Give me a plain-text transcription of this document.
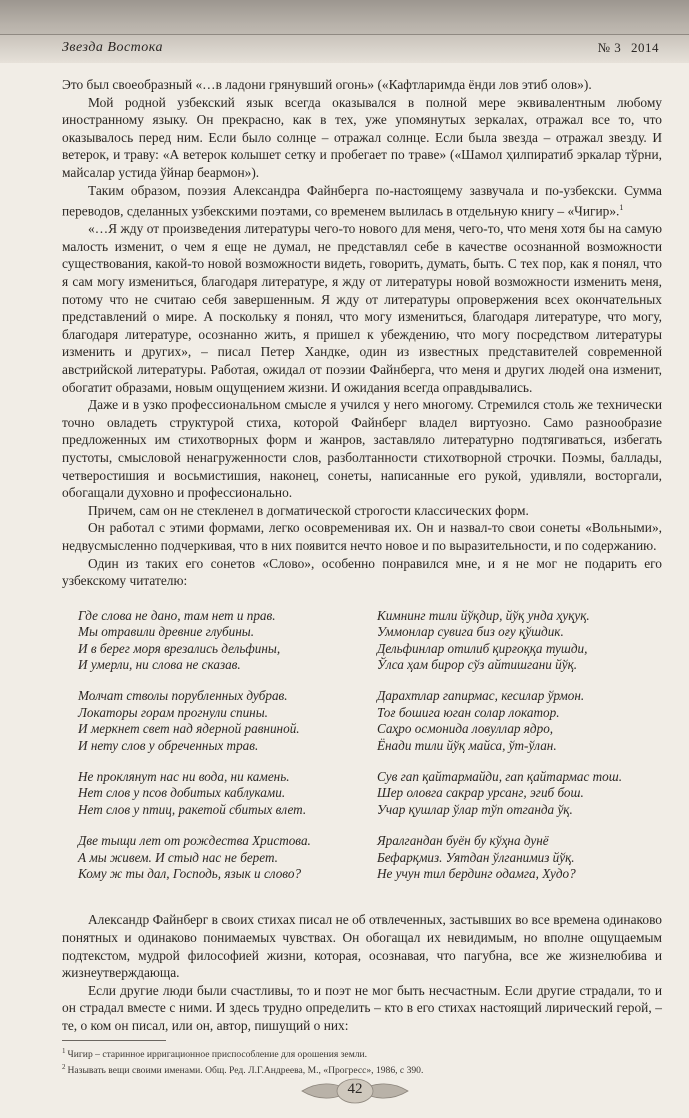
Звезда Востока	№ 3 2014

Это был своеобразный «…в ладони грянувший огонь» («Кафтларимда ёнди лов этиб олов»).

Мой родной узбекский язык всегда оказывался в полной мере эквивалентным любому иностранному языку. Он прекрасно, как в тех, уже упомянутых зеркалах, отражал все то, что оказывалось перед ним. Если было солнце – отражал солнце. Если была звезда – отражал звезду. И ветерок, и траву: «А ветерок колышет сетку и пробегает по траве» («Шамол ҳилпиратиб эркалар тўрни, майсалар устида ўйнар беармон»).

Таким образом, поэзия Александра Файнберга по-настоящему зазвучала и по-узбекски. Сумма переводов, сделанных узбекскими поэтами, со временем вылилась в отдельную книгу – «Чигир».$^1$

«…Я жду от произведения литературы чего-то нового для меня, чего-то, что меня хотя бы на самую малость изменит, о чем я еще не думал, не представлял себе в качестве осознанной возможности существования, какой-то новой возможности видеть, говорить, думать, быть. С тех пор, как я понял, что я сам могу измениться, благодаря литературе, я жду от литературы новой возможности изменить меня, потому что не считаю себя завершенным. Я жду от литературы опровержения всех окончательных представлений о мире. А поскольку я понял, что могу измениться, благодаря литературе, что могу, благодаря литературе, осознанно жить, я пришел к убеждению, что могу посредством литературы изменить и других», – писал Петер Хандке, один из известных представителей современной австрийской литературы. Работая, ожидал от поэзии Файнберга, что меня и других людей она изменит, обогатит образами, новым ощущением жизни. И ожидания всегда оправдывались.

Даже и в узко профессиональном смысле я учился у него многому. Стремился столь же технически точно овладеть структурой стиха, которой Файнберг владел виртуозно. Само разнообразие предложенных им стихотворных форм и жанров, заставляло литературно подтягиваться, избегать пустоты, смысловой ненагруженности слов, разболтанности стихотворной строчки. Поэмы, баллады, четверостишия и восьмистишия, наконец, сонеты, написанные его рукой, удивляли, восторгали, обогащали духовно и профессионально.

Причем, сам он не стекленел в догматической строгости классических форм.

Он работал с этими формами, легко осовременивая их. Он и назвал-то свои сонеты «Вольными», недвусмысленно подчеркивая, что в них появится нечто новое и по выразительности, и по содержанию.

Один из таких его сонетов «Слово», особенно понравился мне, и я не мог не подарить его узбекскому читателю:

Где слова не дано, там нет и прав.
Мы отравили древние глубины.
И в берег моря врезались дельфины,
И умерли, ни слова не сказав.
Молчат стволы порубленных дубрав.
Локаторы горам прогнули спины.
И меркнет свет над ядерной равниной.
И нету слов у обреченных трав.
Не проклянут нас ни вода, ни камень.
Нет слов у псов добитых каблуками.
Нет слов у птиц, ракетой сбитых влет.
Две тыщи лет от рождества Христова.
А мы живем. И стыд нас не берет.
Кому ж ты дал, Господь, язык и слово?
Кимнинг тили йўқдир, йўқ унда ҳуқуқ.
Уммонлар сувига биз оғу қўшдик.
Дельфинлар отилиб қирғоққа тушди,
Ўлса ҳам бирор сўз айтишгани йўқ.
Дарахтлар гапирмас, кесилар ўрмон.
Тоғ бошига юган солар локатор.
Саҳро осмонида ловуллар ядро,
Ёнади тили йўқ майса, ўт-ўлан.
Сув гап қайтармайди, гап қайтармас тош.
Шер оловга сакрар урсанг, эгиб бош.
Учар қушлар ўлар тўп отганда ўқ.
Яралгандан буён бу кўҳна дунё
Бефарқмиз. Уятдан ўлганимиз йўқ.
Не учун тил бердинг одамга, Худо?

Александр Файнберг в своих стихах писал не об отвлеченных, застывших во все времена одинаково понятных и одинаково понимаемых чувствах. Он обогащал их невидимым, но вполне ощущаемым подтекстом, мудрой философией жизни, которая, осознавая, что пагубна, все же жизнелюбива и жизнеутверждающа.

Если другие люди были счастливы, то и поэт не мог быть несчастным. Если другие страдали, то и он страдал вместе с ними. И здесь трудно определить – кто в его стихах настоящий лирический герой, – те, о ком он писал, или он, автор, пишущий о них:

$^1$ Чигир – старинное ирригационное приспособление для орошения земли.
$^2$ Называть вещи своими именами. Общ. Ред. Л.Г.Андреева, М., «Прогресс», 1986, с 390.
42
